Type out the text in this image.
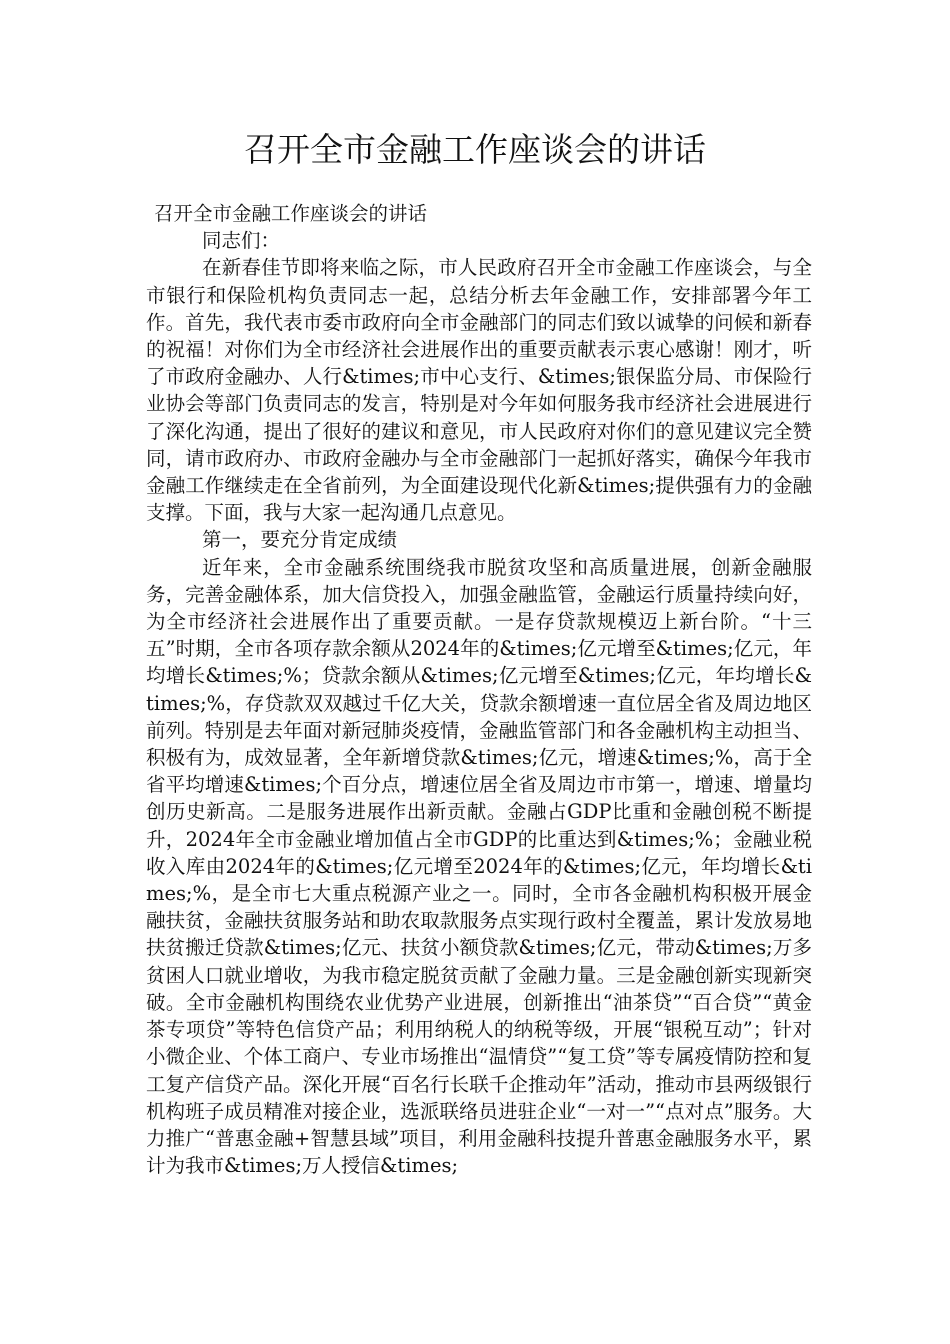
召开全市金融工作座谈会的讲话

召开全市金融工作座谈会的讲话

同志们：

在新春佳节即将来临之际，市人民政府召开全市金融工作座谈会，与全市银行和保险机构负责同志一起，总结分析去年金融工作，安排部署今年工作。首先，我代表市委市政府向全市金融部门的同志们致以诚挚的问候和新春的祝福！对你们为全市经济社会进展作出的重要贡献表示衷心感谢！刚才，听了市政府金融办、人行&times;市中心支行、&times;银保监分局、市保险行业协会等部门负责同志的发言，特别是对今年如何服务我市经济社会进展进行了深化沟通，提出了很好的建议和意见，市人民政府对你们的意见建议完全赞同，请市政府办、市政府金融办与全市金融部门一起抓好落实，确保今年我市金融工作继续走在全省前列，为全面建设现代化新&times;提供强有力的金融支撑。下面，我与大家一起沟通几点意见。

第一，要充分肯定成绩

近年来，全市金融系统围绕我市脱贫攻坚和高质量进展，创新金融服务，完善金融体系，加大信贷投入，加强金融监管，金融运行质量持续向好，为全市经济社会进展作出了重要贡献。一是存贷款规模迈上新台阶。“十三五”时期，全市各项存款余额从2024年的&times;亿元增至&times;亿元，年均增长&times;%；贷款余额从&times;亿元增至&times;亿元，年均增长&times;%，存贷款双双越过千亿大关，贷款余额增速一直位居全省及周边地区前列。特别是去年面对新冠肺炎疫情，金融监管部门和各金融机构主动担当、积极有为，成效显著，全年新增贷款&times;亿元，增速&times;%，高于全省平均增速&times;个百分点，增速位居全省及周边市市第一，增速、增量均创历史新高。二是服务进展作出新贡献。金融占GDP比重和金融创税不断提升，2024年全市金融业增加值占全市GDP的比重达到&times;%；金融业税收入库由2024年的&times;亿元增至2024年的&times;亿元，年均增长&times;%，是全市七大重点税源产业之一。同时，全市各金融机构积极开展金融扶贫，金融扶贫服务站和助农取款服务点实现行政村全覆盖，累计发放易地扶贫搬迁贷款&times;亿元、扶贫小额贷款&times;亿元，带动&times;万多贫困人口就业增收，为我市稳定脱贫贡献了金融力量。三是金融创新实现新突破。全市金融机构围绕农业优势产业进展，创新推出“油茶贷”“百合贷”“黄金茶专项贷”等特色信贷产品；利用纳税人的纳税等级，开展“银税互动”；针对小微企业、个体工商户、专业市场推出“温情贷”“复工贷”等专属疫情防控和复工复产信贷产品。深化开展“百名行长联千企推动年”活动，推动市县两级银行机构班子成员精准对接企业，选派联络员进驻企业“一对一”“点对点”服务。大力推广“普惠金融+智慧县域”项目，利用金融科技提升普惠金融服务水平，累计为我市&times;万人授信&times;
